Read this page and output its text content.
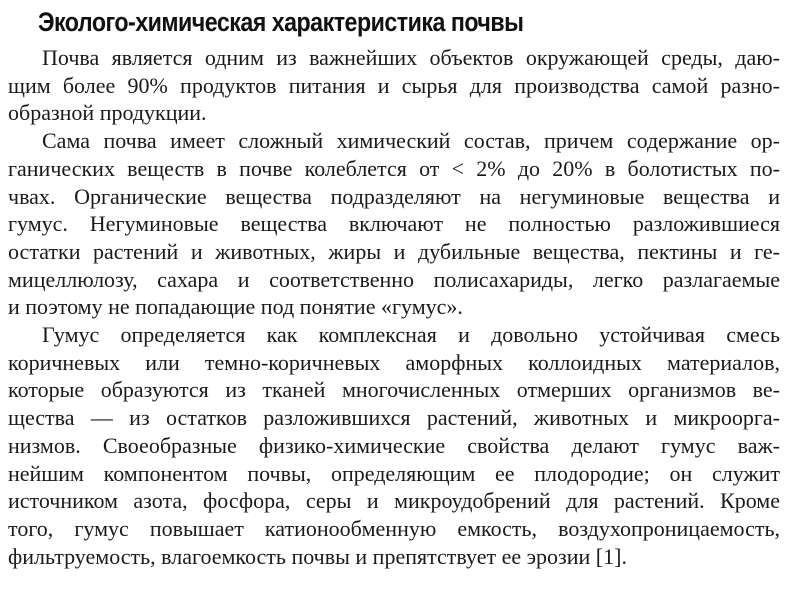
Эколого-химическая характеристика почвы

Почва является одним из важнейших объектов окружающей среды, даю-
щим более 90% продуктов питания и сырья для производства самой разно-
образной продукции.

Сама почва имеет сложный химический состав, причем содержание ор-
ганических веществ в почве колеблется от < 2% до 20% в болотистых по-
чвах. Органические вещества подразделяют на негуминовые вещества и
гумус. Негуминовые вещества включают не полностью разложившиеся
остатки растений и животных, жиры и дубильные вещества, пектины и ге-
мицеллюлозу, сахара и соответственно полисахариды, легко разлагаемые
и поэтому не попадающие под понятие «гумус».

Гумус определяется как комплексная и довольно устойчивая смесь
коричневых или темно-коричневых аморфных коллоидных материалов,
которые образуются из тканей многочисленных отмерших организмов ве-
щества — из остатков разложившихся растений, животных и микроорга-
низмов. Своеобразные физико-химические свойства делают гумус важ-
нейшим компонентом почвы, определяющим ее плодородие; он служит
источником азота, фосфора, серы и микроудобрений для растений. Кроме
того, гумус повышает катионообменную емкость, воздухопроницаемость,
фильтруемость, влагоемкость почвы и препятствует ее эрозии [1].
